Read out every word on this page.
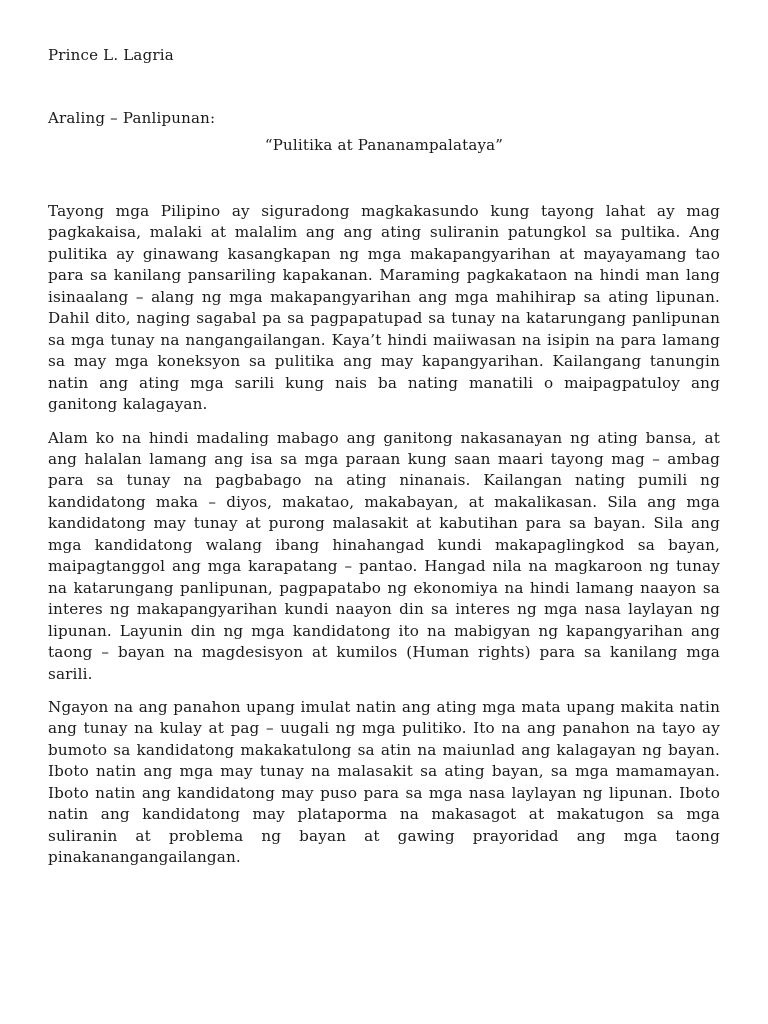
Prince L. Lagria
Araling – Panlipunan:
“Pulitika at Pananampalataya”

Tayong mga Pilipino ay siguradong magkakasundo kung tayong lahat ay mag pagkakaisa, malaki at malalim ang ang ating suliranin patungkol sa pultika. Ang pulitika ay ginawang kasangkapan ng mga makapangyarihan at mayayamang tao para sa kanilang pansariling kapakanan. Maraming pagkakataon na hindi man lang isinaalang – alang ng mga makapangyarihan ang mga mahihirap sa ating lipunan. Dahil dito, naging sagabal pa sa pagpapatupad sa tunay na katarungang panlipunan sa mga tunay na nangangailangan. Kaya’t hindi maiiwasan na isipin na para lamang sa may mga koneksyon sa pulitika ang may kapangyarihan. Kailangang tanungin natin ang ating mga sarili kung nais ba nating manatili o maipagpatuloy ang ganitong kalagayan.

Alam ko na hindi madaling mabago ang ganitong nakasanayan ng ating bansa, at ang halalan lamang ang isa sa mga paraan kung saan maari tayong mag – ambag para sa tunay na pagbabago na ating ninanais. Kailangan nating pumili ng kandidatong maka – diyos, makatao, makabayan, at makalikasan. Sila ang mga kandidatong may tunay at purong malasakit at kabutihan para sa bayan. Sila ang mga kandidatong walang ibang hinahangad kundi makapaglingkod sa bayan, maipagtanggol ang mga karapatang – pantao. Hangad nila na magkaroon ng tunay na katarungang panlipunan, pagpapatabo ng ekonomiya na hindi lamang naayon sa interes ng makapangyarihan kundi naayon din sa interes ng mga nasa laylayan ng lipunan. Layunin din ng mga kandidatong ito na mabigyan ng kapangyarihan ang taong – bayan na magdesisyon at kumilos (Human rights) para sa kanilang mga sarili.

Ngayon na ang panahon upang imulat natin ang ating mga mata upang makita natin ang tunay na kulay at pag – uugali ng mga pulitiko. Ito na ang panahon na tayo ay bumoto sa kandidatong makakatulong sa atin na maiunlad ang kalagayan ng bayan. Iboto natin ang mga may tunay na malasakit sa ating bayan, sa mga mamamayan. Iboto natin ang kandidatong may puso para sa mga nasa laylayan ng lipunan. Iboto natin ang kandidatong may plataporma na makasagot at makatugon sa mga suliranin at problema ng bayan at gawing prayoridad ang mga taong pinakanangangailangan.
